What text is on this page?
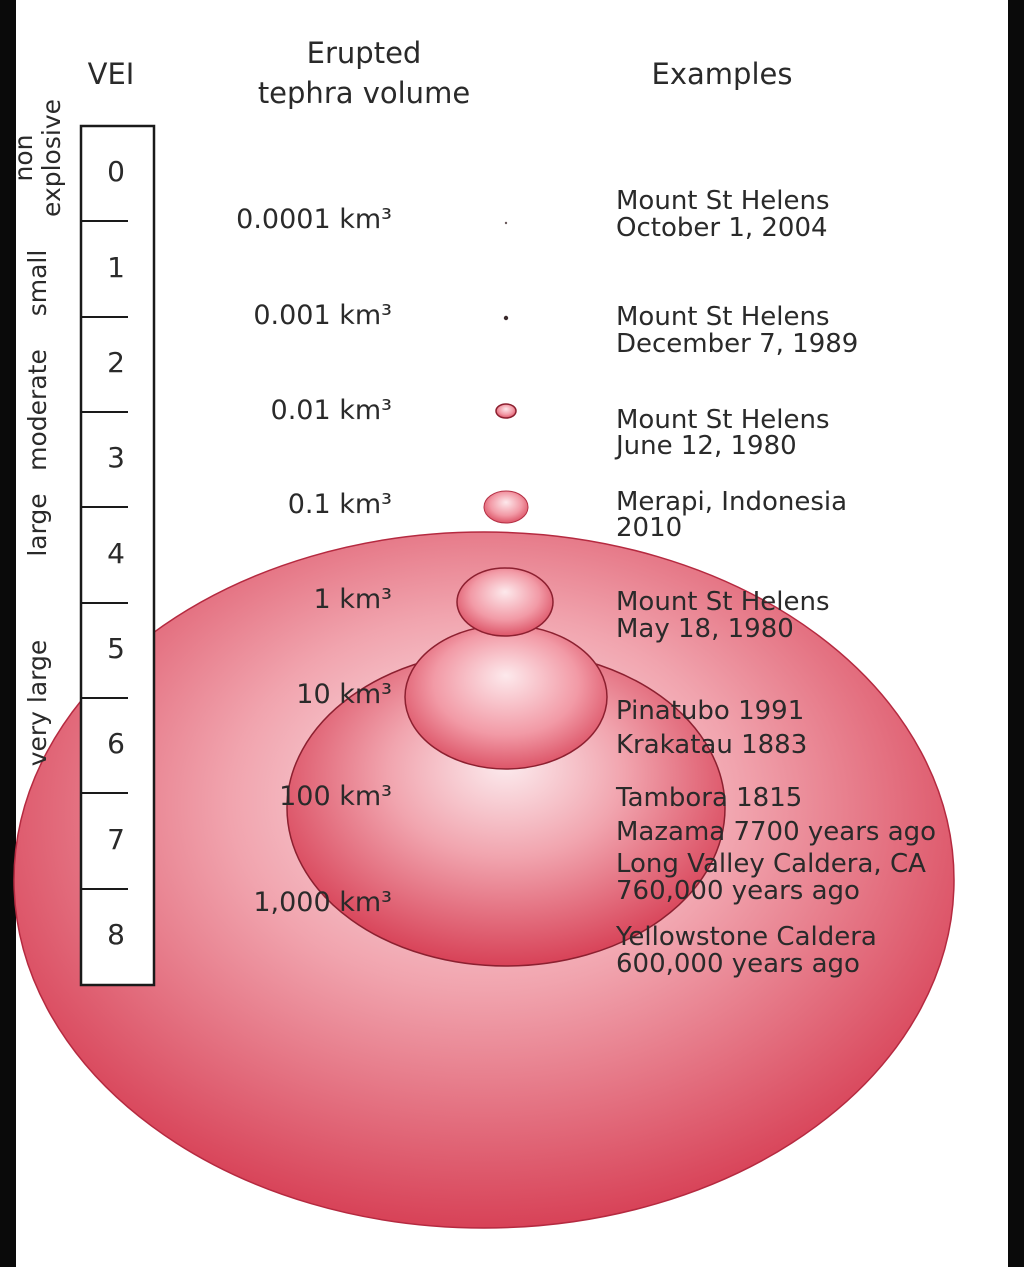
VEI
Erupted
tephra volume
Examples
0
1
2
3
4
5
6
7
8
non explosive
small
moderate
large
very large
0.0001 km³
0.001 km³
0.01 km³
0.1 km³
1 km³
10 km³
100 km³
1,000 km³
Mount St Helens
October 1, 2004
Mount St Helens
December 7, 1989
Mount St Helens
June 12, 1980
Merapi, Indonesia
2010
Mount St Helens
May 18, 1980
Pinatubo 1991
Krakatau 1883
Tambora 1815
Mazama 7700 years ago
Long Valley Caldera, CA
760,000 years ago
Yellowstone Caldera
600,000 years ago
